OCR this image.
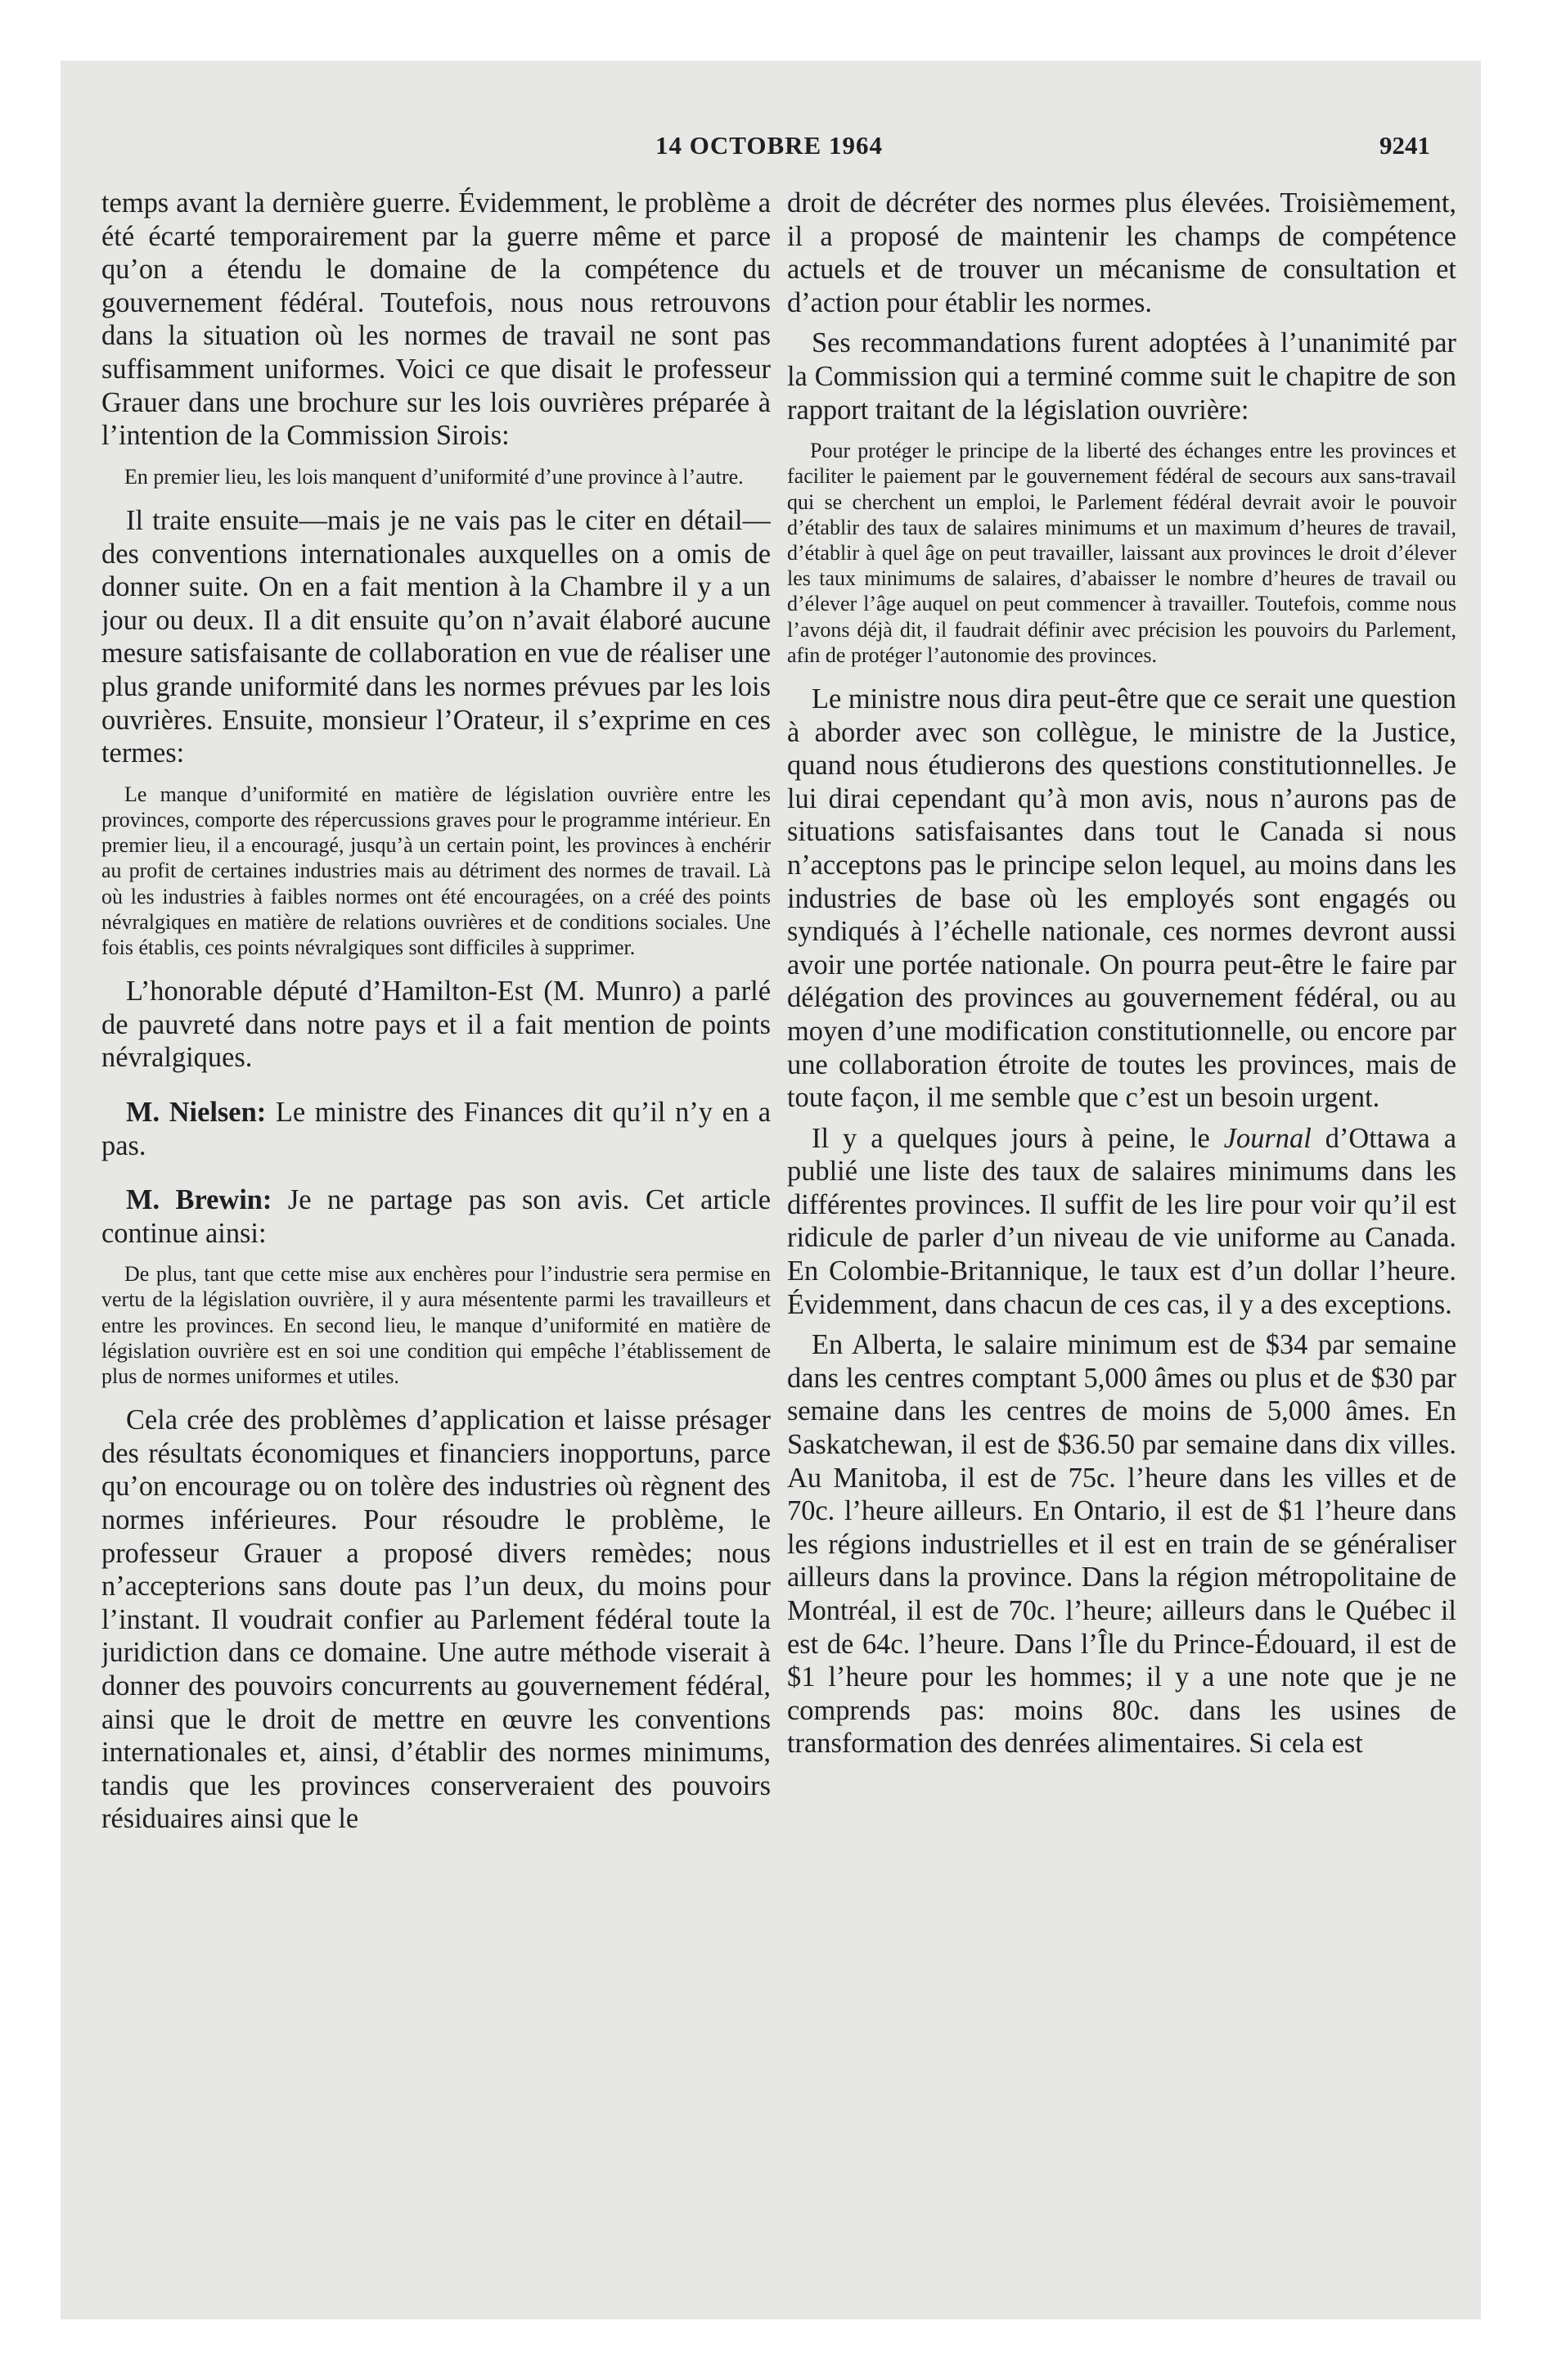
14 OCTOBRE 1964	9241

temps avant la dernière guerre. Évidemment, le problème a été écarté temporairement par la guerre même et parce qu’on a étendu le domaine de la compétence du gouvernement fédéral. Toutefois, nous nous retrouvons dans la situation où les normes de travail ne sont pas suffisamment uniformes. Voici ce que disait le professeur Grauer dans une brochure sur les lois ouvrières préparée à l’intention de la Commission Sirois:

En premier lieu, les lois manquent d’uniformité d’une province à l’autre.

Il traite ensuite—mais je ne vais pas le citer en détail—des conventions internationales auxquelles on a omis de donner suite. On en a fait mention à la Chambre il y a un jour ou deux. Il a dit ensuite qu’on n’avait élaboré aucune mesure satisfaisante de collaboration en vue de réaliser une plus grande uniformité dans les normes prévues par les lois ouvrières. Ensuite, monsieur l’Orateur, il s’exprime en ces termes:

Le manque d’uniformité en matière de législation ouvrière entre les provinces, comporte des répercussions graves pour le programme intérieur. En premier lieu, il a encouragé, jusqu’à un certain point, les provinces à enchérir au profit de certaines industries mais au détriment des normes de travail. Là où les industries à faibles normes ont été encouragées, on a créé des points névralgiques en matière de relations ouvrières et de conditions sociales. Une fois établis, ces points névralgiques sont difficiles à supprimer.

L’honorable député d’Hamilton-Est (M. Munro) a parlé de pauvreté dans notre pays et il a fait mention de points névralgiques.

M. Nielsen: Le ministre des Finances dit qu’il n’y en a pas.

M. Brewin: Je ne partage pas son avis. Cet article continue ainsi:

De plus, tant que cette mise aux enchères pour l’industrie sera permise en vertu de la législation ouvrière, il y aura mésentente parmi les travailleurs et entre les provinces. En second lieu, le manque d’uniformité en matière de législation ouvrière est en soi une condition qui empêche l’établissement de plus de normes uniformes et utiles.

Cela crée des problèmes d’application et laisse présager des résultats économiques et financiers inopportuns, parce qu’on encourage ou on tolère des industries où règnent des normes inférieures. Pour résoudre le problème, le professeur Grauer a proposé divers remèdes; nous n’accepterions sans doute pas l’un deux, du moins pour l’instant. Il voudrait confier au Parlement fédéral toute la juridiction dans ce domaine. Une autre méthode viserait à donner des pouvoirs concurrents au gouvernement fédéral, ainsi que le droit de mettre en œuvre les conventions internationales et, ainsi, d’établir des normes minimums, tandis que les provinces conserveraient des pouvoirs résiduaires ainsi que le

droit de décréter des normes plus élevées. Troisièmement, il a proposé de maintenir les champs de compétence actuels et de trouver un mécanisme de consultation et d’action pour établir les normes.

Ses recommandations furent adoptées à l’unanimité par la Commission qui a terminé comme suit le chapitre de son rapport traitant de la législation ouvrière:

Pour protéger le principe de la liberté des échanges entre les provinces et faciliter le paiement par le gouvernement fédéral de secours aux sans-travail qui se cherchent un emploi, le Parlement fédéral devrait avoir le pouvoir d’établir des taux de salaires minimums et un maximum d’heures de travail, d’établir à quel âge on peut travailler, laissant aux provinces le droit d’élever les taux minimums de salaires, d’abaisser le nombre d’heures de travail ou d’élever l’âge auquel on peut commencer à travailler. Toutefois, comme nous l’avons déjà dit, il faudrait définir avec précision les pouvoirs du Parlement, afin de protéger l’autonomie des provinces.

Le ministre nous dira peut-être que ce serait une question à aborder avec son collègue, le ministre de la Justice, quand nous étudierons des questions constitutionnelles. Je lui dirai cependant qu’à mon avis, nous n’aurons pas de situations satisfaisantes dans tout le Canada si nous n’acceptons pas le principe selon lequel, au moins dans les industries de base où les employés sont engagés ou syndiqués à l’échelle nationale, ces normes devront aussi avoir une portée nationale. On pourra peut-être le faire par délégation des provinces au gouvernement fédéral, ou au moyen d’une modification constitutionnelle, ou encore par une collaboration étroite de toutes les provinces, mais de toute façon, il me semble que c’est un besoin urgent.

Il y a quelques jours à peine, le Journal d’Ottawa a publié une liste des taux de salaires minimums dans les différentes provinces. Il suffit de les lire pour voir qu’il est ridicule de parler d’un niveau de vie uniforme au Canada. En Colombie-Britannique, le taux est d’un dollar l’heure. Évidemment, dans chacun de ces cas, il y a des exceptions.

En Alberta, le salaire minimum est de $34 par semaine dans les centres comptant 5,000 âmes ou plus et de $30 par semaine dans les centres de moins de 5,000 âmes. En Saskatchewan, il est de $36.50 par semaine dans dix villes. Au Manitoba, il est de 75c. l’heure dans les villes et de 70c. l’heure ailleurs. En Ontario, il est de $1 l’heure dans les régions industrielles et il est en train de se généraliser ailleurs dans la province. Dans la région métropolitaine de Montréal, il est de 70c. l’heure; ailleurs dans le Québec il est de 64c. l’heure. Dans l’Île du Prince-Édouard, il est de $1 l’heure pour les hommes; il y a une note que je ne comprends pas: moins 80c. dans les usines de transformation des denrées alimentaires. Si cela est
